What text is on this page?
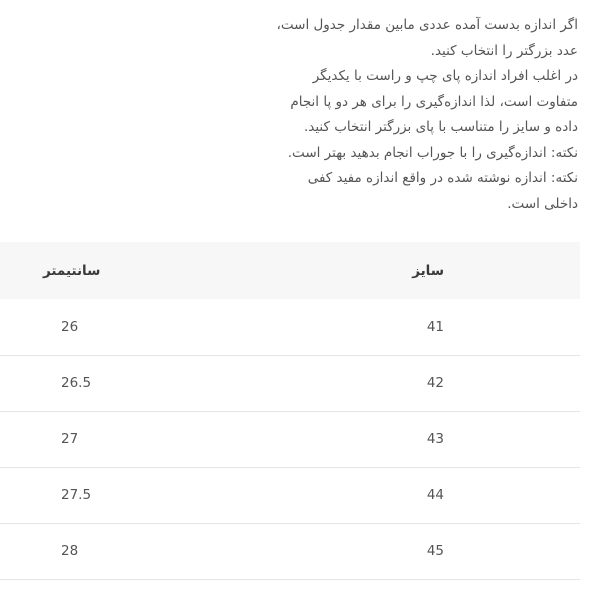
اگر اندازه بدست آمده عددی مابین مقدار جدول است،
عدد بزرگتر را انتخاب کنید.
در اغلب افراد اندازه پای چپ و راست با یکدیگر
متفاوت است، لذا اندازه‌گیری را برای هر دو پا انجام
داده و سایز را متناسب با پای بزرگتر انتخاب کنید.
نکته: اندازه‌گیری را با جوراب انجام بدهید بهتر است.
نکته: اندازه نوشته شده در واقع اندازه مفید کفی
داخلی است.
سایز	سانتیمتر

41	26

42	26.5

43	27

44	27.5

45	28
